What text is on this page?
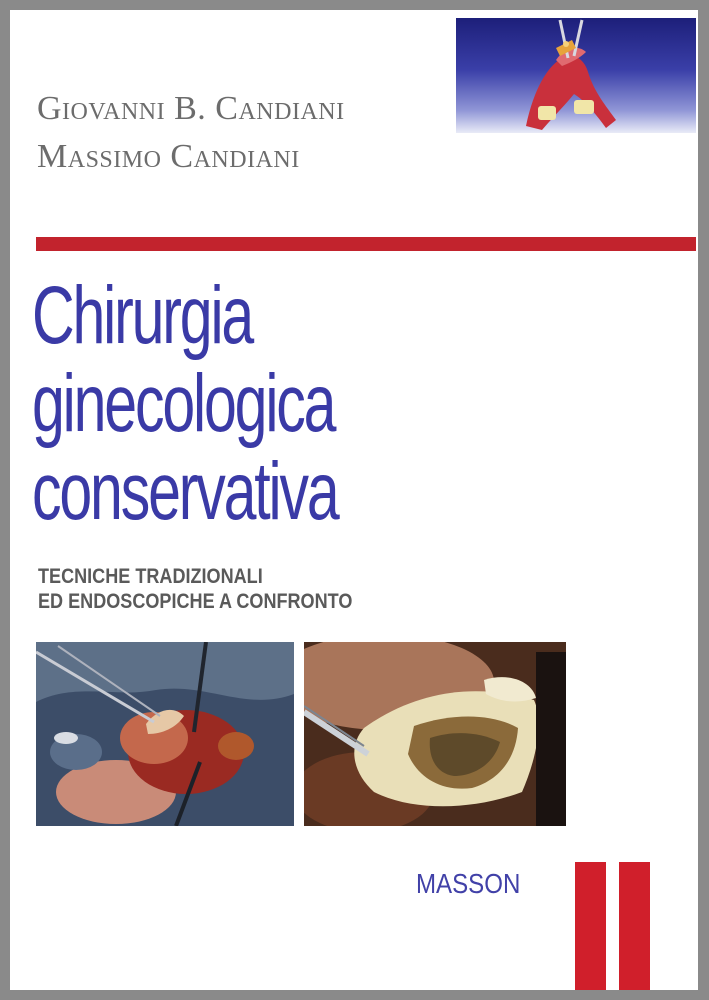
Giovanni B. Candiani
Massimo Candiani
Chirurgia
ginecologica
conservativa
TECNICHE TRADIZIONALI
ED ENDOSCOPICHE A CONFRONTO
MASSON
